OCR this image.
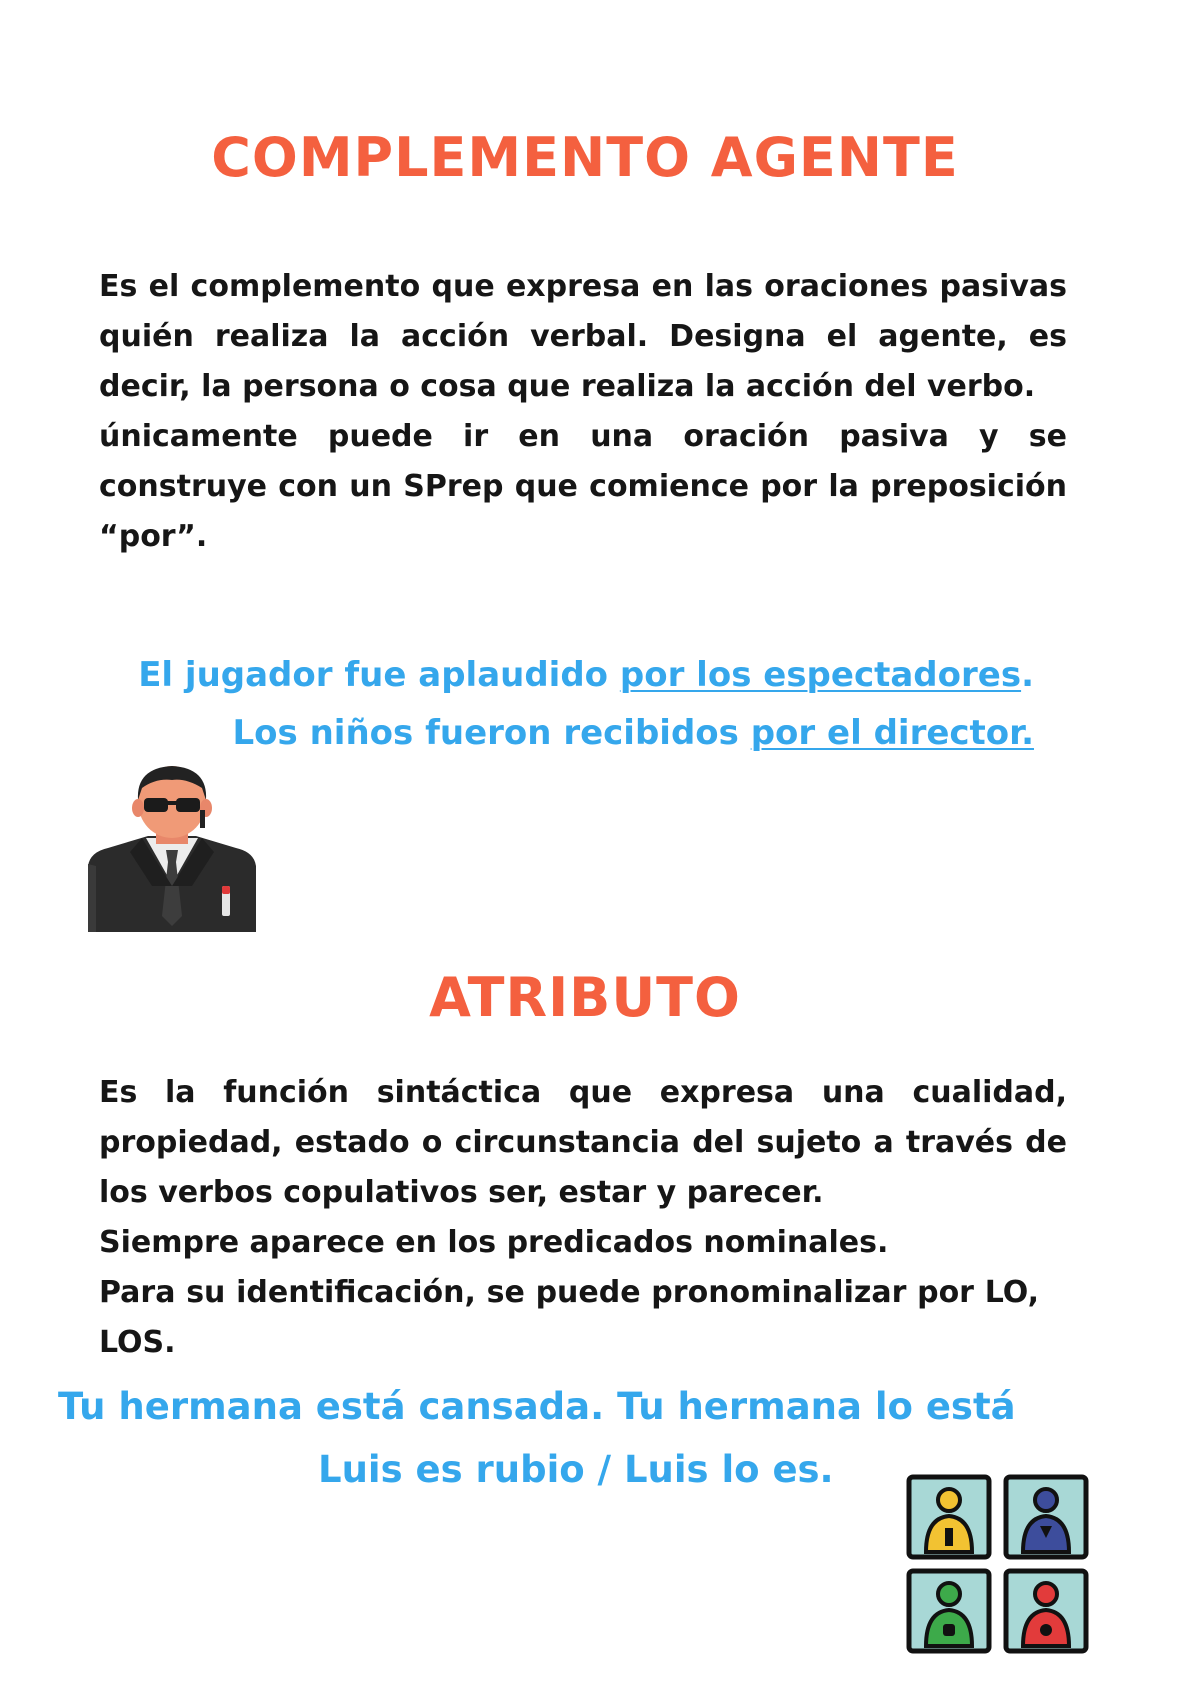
COMPLEMENTO AGENTE

Es el complemento que expresa en las oraciones pasivas quién realiza la acción verbal. Designa el agente, es decir, la persona o cosa que realiza la acción del verbo.

únicamente puede ir en una oración pasiva y se construye con un SPrep que comience por la preposición “por”.

El jugador fue aplaudido por los espectadores.
Los niños fueron recibidos por el director.
ATRIBUTO

Es la función sintáctica que expresa una cualidad, propiedad, estado o circunstancia del sujeto a través de los verbos copulativos ser, estar y parecer.

Siempre aparece en los predicados nominales.

Para su identificación, se puede pronominalizar por LO, LOS.

Tu hermana está cansada. Tu hermana lo está
Luis es rubio / Luis lo es.
